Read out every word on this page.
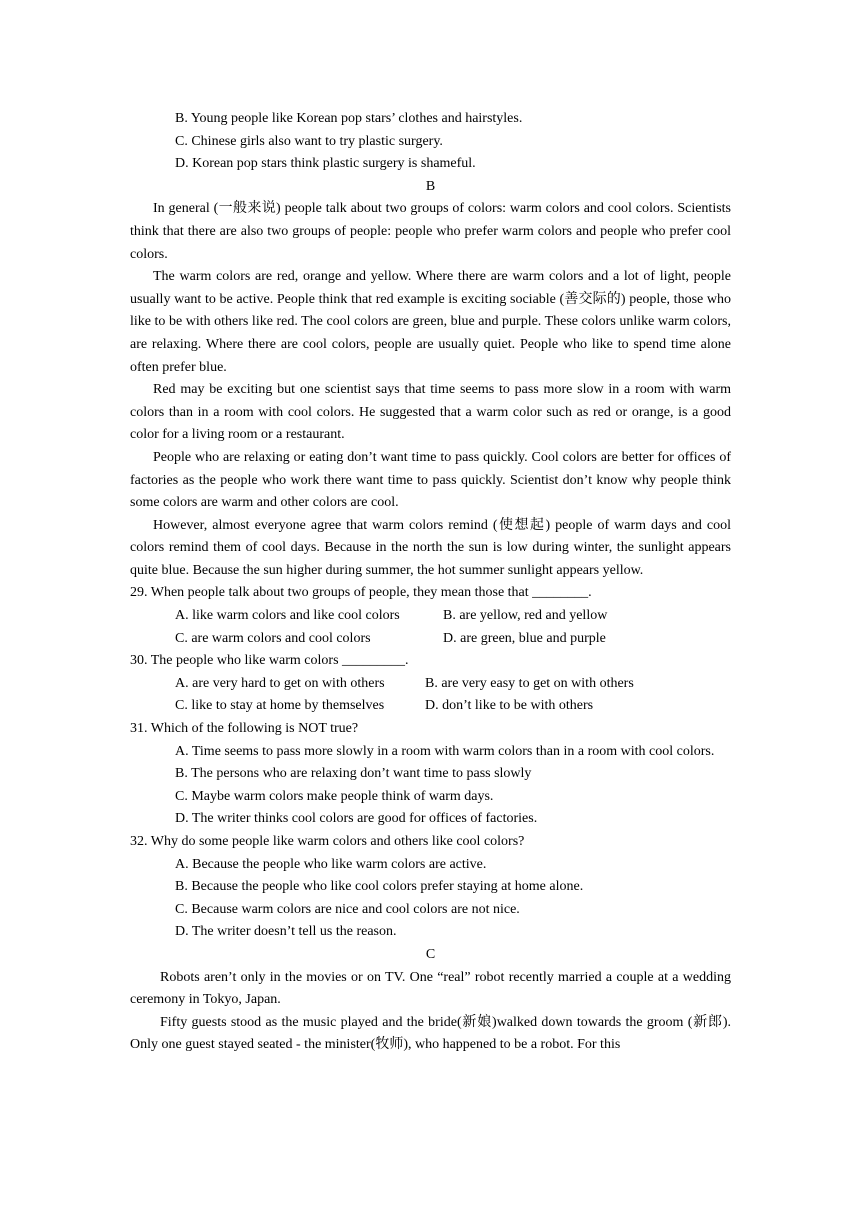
B. Young people like Korean pop stars’ clothes and hairstyles.

C. Chinese girls also want to try plastic surgery.

D. Korean pop stars think plastic surgery is shameful.

B

In general (一般来说) people talk about two groups of colors: warm colors and cool colors. Scientists think that there are also two groups of people: people who prefer warm colors and people who prefer cool colors.

The warm colors are red, orange and yellow. Where there are warm colors and a lot of light, people usually want to be active. People think that red example is exciting sociable (善交际的) people, those who like to be with others like red. The cool colors are green, blue and purple. These colors unlike warm colors, are relaxing. Where there are cool colors, people are usually quiet. People who like to spend time alone often prefer blue.

Red may be exciting but one scientist says that time seems to pass more slow in a room with warm colors than in a room with cool colors. He suggested that a warm color such as red or orange, is a good color for a living room or a restaurant.

People who are relaxing or eating don’t want time to pass quickly. Cool colors are better for offices of factories as the people who work there want time to pass quickly. Scientist don’t know why people think some colors are warm and other colors are cool.

However, almost everyone agree that warm colors remind (使想起) people of warm days and cool colors remind them of cool days. Because in the north the sun is low during winter, the sunlight appears quite blue. Because the sun higher during summer, the hot summer sunlight appears yellow.

29. When people talk about two groups of people, they mean those that ________.

A. like warm colors and like cool colors	B. are yellow, red and yellow
C. are warm colors and cool colors	D. are green, blue and purple

30. The people who like warm colors _________.

A. are very hard to get on with others	B. are very easy to get on with others
C. like to stay at home by themselves	D. don’t like to be with others

31. Which of the following is NOT true?

A. Time seems to pass more slowly in a room with warm colors than in a room with cool colors.

B. The persons who are relaxing don’t want time to pass slowly

C. Maybe warm colors make people think of warm days.

D. The writer thinks cool colors are good for offices of factories.

32. Why do some people like warm colors and others like cool colors?

A. Because the people who like warm colors are active.

B. Because the people who like cool colors prefer staying at home alone.

C. Because warm colors are nice and cool colors are not nice.

D. The writer doesn’t tell us the reason.

C

Robots aren’t only in the movies or on TV. One “real” robot recently married a couple at a wedding ceremony in Tokyo, Japan.

Fifty guests stood as the music played and the bride(新娘)walked down towards the groom (新郎). Only one guest stayed seated - the minister(牧师), who happened to be a robot. For this
